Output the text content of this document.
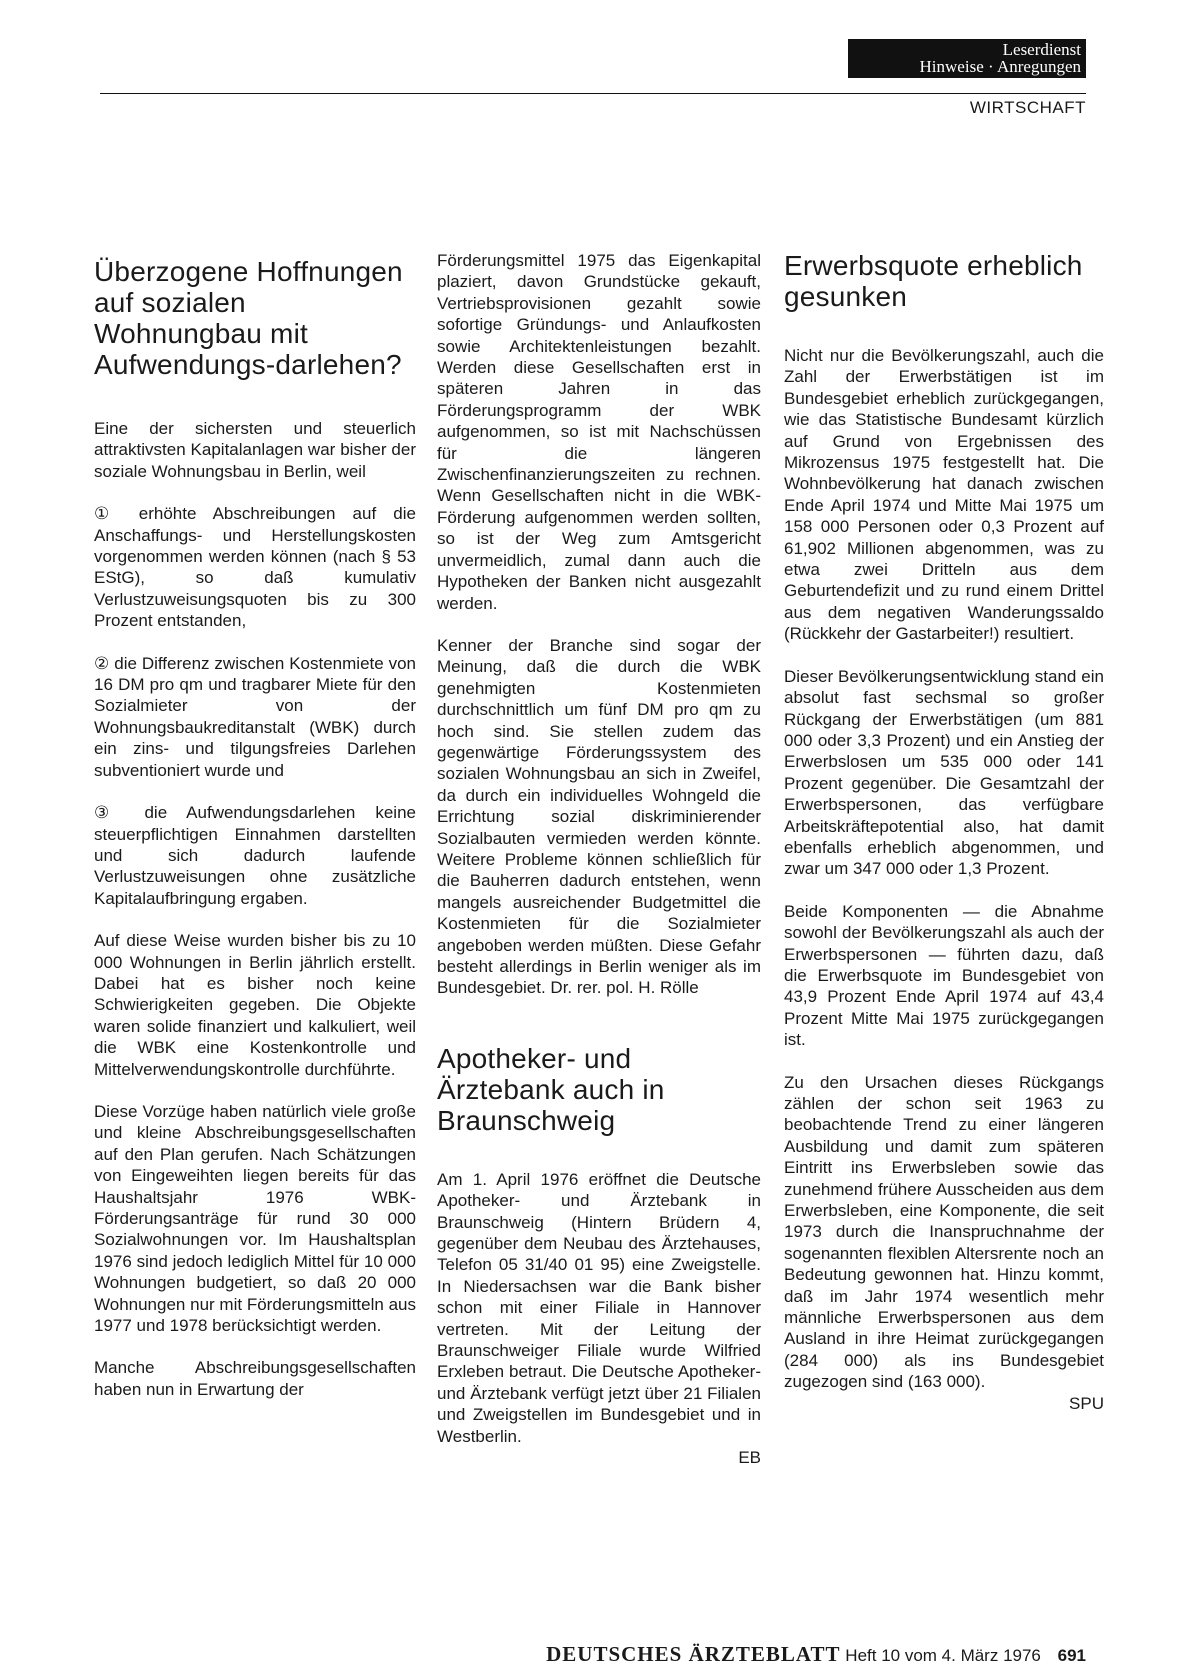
Leserdienst
Hinweise · Anregungen
WIRTSCHAFT
Überzogene Hoffnungen auf sozialen Wohnungbau mit Aufwendungs-darlehen?

Eine der sichersten und steuerlich attraktivsten Kapitalanlagen war bisher der soziale Wohnungsbau in Berlin, weil

① erhöhte Abschreibungen auf die Anschaffungs- und Herstellungskosten vorgenommen werden können (nach § 53 EStG), so daß kumulativ Verlustzuweisungsquoten bis zu 300 Prozent entstanden,

② die Differenz zwischen Kostenmiete von 16 DM pro qm und tragbarer Miete für den Sozialmieter von der Wohnungsbaukreditanstalt (WBK) durch ein zins- und tilgungsfreies Darlehen subventioniert wurde und

③ die Aufwendungsdarlehen keine steuerpflichtigen Einnahmen darstellten und sich dadurch laufende Verlustzuweisungen ohne zusätzliche Kapitalaufbringung ergaben.

Auf diese Weise wurden bisher bis zu 10 000 Wohnungen in Berlin jährlich erstellt. Dabei hat es bisher noch keine Schwierigkeiten gegeben. Die Objekte waren solide finanziert und kalkuliert, weil die WBK eine Kostenkontrolle und Mittelverwendungskontrolle durchführte.

Diese Vorzüge haben natürlich viele große und kleine Abschreibungsgesellschaften auf den Plan gerufen. Nach Schätzungen von Eingeweihten liegen bereits für das Haushaltsjahr 1976 WBK-Förderungsanträge für rund 30 000 Sozialwohnungen vor. Im Haushaltsplan 1976 sind jedoch lediglich Mittel für 10 000 Wohnungen budgetiert, so daß 20 000 Wohnungen nur mit Förderungsmitteln aus 1977 und 1978 berücksichtigt werden.

Manche Abschreibungsgesellschaften haben nun in Erwartung der

Förderungsmittel 1975 das Eigenkapital plaziert, davon Grundstücke gekauft, Vertriebsprovisionen gezahlt sowie sofortige Gründungs- und Anlaufkosten sowie Architektenleistungen bezahlt. Werden diese Gesellschaften erst in späteren Jahren in das Förderungsprogramm der WBK aufgenommen, so ist mit Nachschüssen für die längeren Zwischenfinanzierungszeiten zu rechnen. Wenn Gesellschaften nicht in die WBK-Förderung aufgenommen werden sollten, so ist der Weg zum Amtsgericht unvermeidlich, zumal dann auch die Hypotheken der Banken nicht ausgezahlt werden.

Kenner der Branche sind sogar der Meinung, daß die durch die WBK genehmigten Kostenmieten durchschnittlich um fünf DM pro qm zu hoch sind. Sie stellen zudem das gegenwärtige Förderungssystem des sozialen Wohnungsbau an sich in Zweifel, da durch ein individuelles Wohngeld die Errichtung sozial diskriminierender Sozialbauten vermieden werden könnte. Weitere Probleme können schließlich für die Bauherren dadurch entstehen, wenn mangels ausreichender Budgetmittel die Kostenmieten für die Sozialmieter angeboben werden müßten. Diese Gefahr besteht allerdings in Berlin weniger als im Bundesgebiet. Dr. rer. pol. H. Rölle

Apotheker- und Ärztebank auch in Braunschweig

Am 1. April 1976 eröffnet die Deutsche Apotheker- und Ärztebank in Braunschweig (Hintern Brüdern 4, gegenüber dem Neubau des Ärztehauses, Telefon 05 31/40 01 95) eine Zweigstelle. In Niedersachsen war die Bank bisher schon mit einer Filiale in Hannover vertreten. Mit der Leitung der Braunschweiger Filiale wurde Wilfried Erxleben betraut. Die Deutsche Apotheker- und Ärztebank verfügt jetzt über 21 Filialen und Zweigstellen im Bundesgebiet und in Westberlin.

EB
Erwerbsquote erheblich gesunken

Nicht nur die Bevölkerungszahl, auch die Zahl der Erwerbstätigen ist im Bundesgebiet erheblich zurückgegangen, wie das Statistische Bundesamt kürzlich auf Grund von Ergebnissen des Mikrozensus 1975 festgestellt hat. Die Wohnbevölkerung hat danach zwischen Ende April 1974 und Mitte Mai 1975 um 158 000 Personen oder 0,3 Prozent auf 61,902 Millionen abgenommen, was zu etwa zwei Dritteln aus dem Geburtendefizit und zu rund einem Drittel aus dem negativen Wanderungssaldo (Rückkehr der Gastarbeiter!) resultiert.

Dieser Bevölkerungsentwicklung stand ein absolut fast sechsmal so großer Rückgang der Erwerbstätigen (um 881 000 oder 3,3 Prozent) und ein Anstieg der Erwerbslosen um 535 000 oder 141 Prozent gegenüber. Die Gesamtzahl der Erwerbspersonen, das verfügbare Arbeitskräftepotential also, hat damit ebenfalls erheblich abgenommen, und zwar um 347 000 oder 1,3 Prozent.

Beide Komponenten — die Abnahme sowohl der Bevölkerungszahl als auch der Erwerbspersonen — führten dazu, daß die Erwerbsquote im Bundesgebiet von 43,9 Prozent Ende April 1974 auf 43,4 Prozent Mitte Mai 1975 zurückgegangen ist.

Zu den Ursachen dieses Rückgangs zählen der schon seit 1963 zu beobachtende Trend zu einer längeren Ausbildung und damit zum späteren Eintritt ins Erwerbsleben sowie das zunehmend frühere Ausscheiden aus dem Erwerbsleben, eine Komponente, die seit 1973 durch die Inanspruchnahme der sogenannten flexiblen Altersrente noch an Bedeutung gewonnen hat. Hinzu kommt, daß im Jahr 1974 wesentlich mehr männliche Erwerbspersonen aus dem Ausland in ihre Heimat zurückgegangen (284 000) als ins Bundesgebiet zugezogen sind (163 000).

SPU
DEUTSCHES ÄRZTEBLATT Heft 10 vom 4. März 1976 691
